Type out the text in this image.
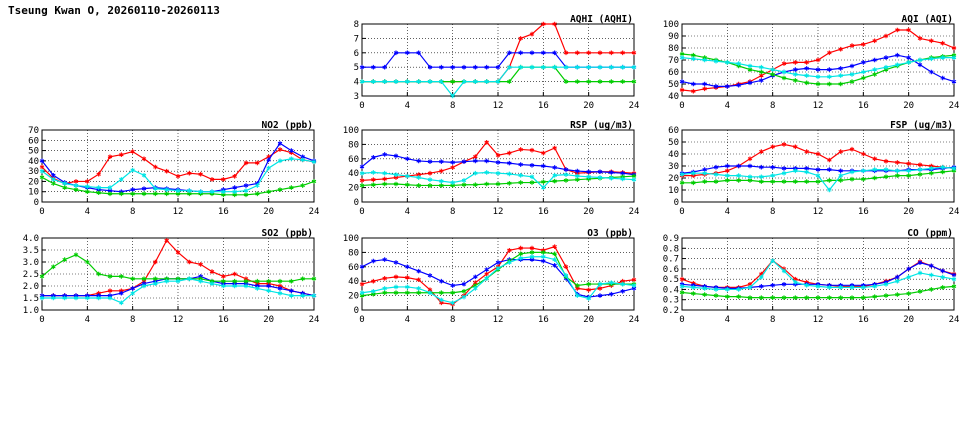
Tseung Kwan O, 20260110-20260113
3
4
5
6
7
8
0	4	8	12	16	20	24
AQHI (AQHI)
40
50
60
70
80
90
100
0	4	8	12	16	20	24
AQI (AQI)
0
10
20
30
40
50
60
70
0	4	8	12	16	20	24
NO2 (ppb)
0
20
40
60
80
100
0	4	8	12	16	20	24
RSP (ug/m3)
0
10
20
30
40
50
60
0	4	8	12	16	20	24
FSP (ug/m3)
1.0
1.5
2.0
2.5
3.0
3.5
4.0
0	4	8	12	16	20	24
SO2 (ppb)
0
20
40
60
80
100
0	4	8	12	16	20	24
O3 (ppb)
0.2
0.3
0.4
0.5
0.6
0.7
0.8
0.9
0	4	8	12	16	20	24
CO (ppm)
